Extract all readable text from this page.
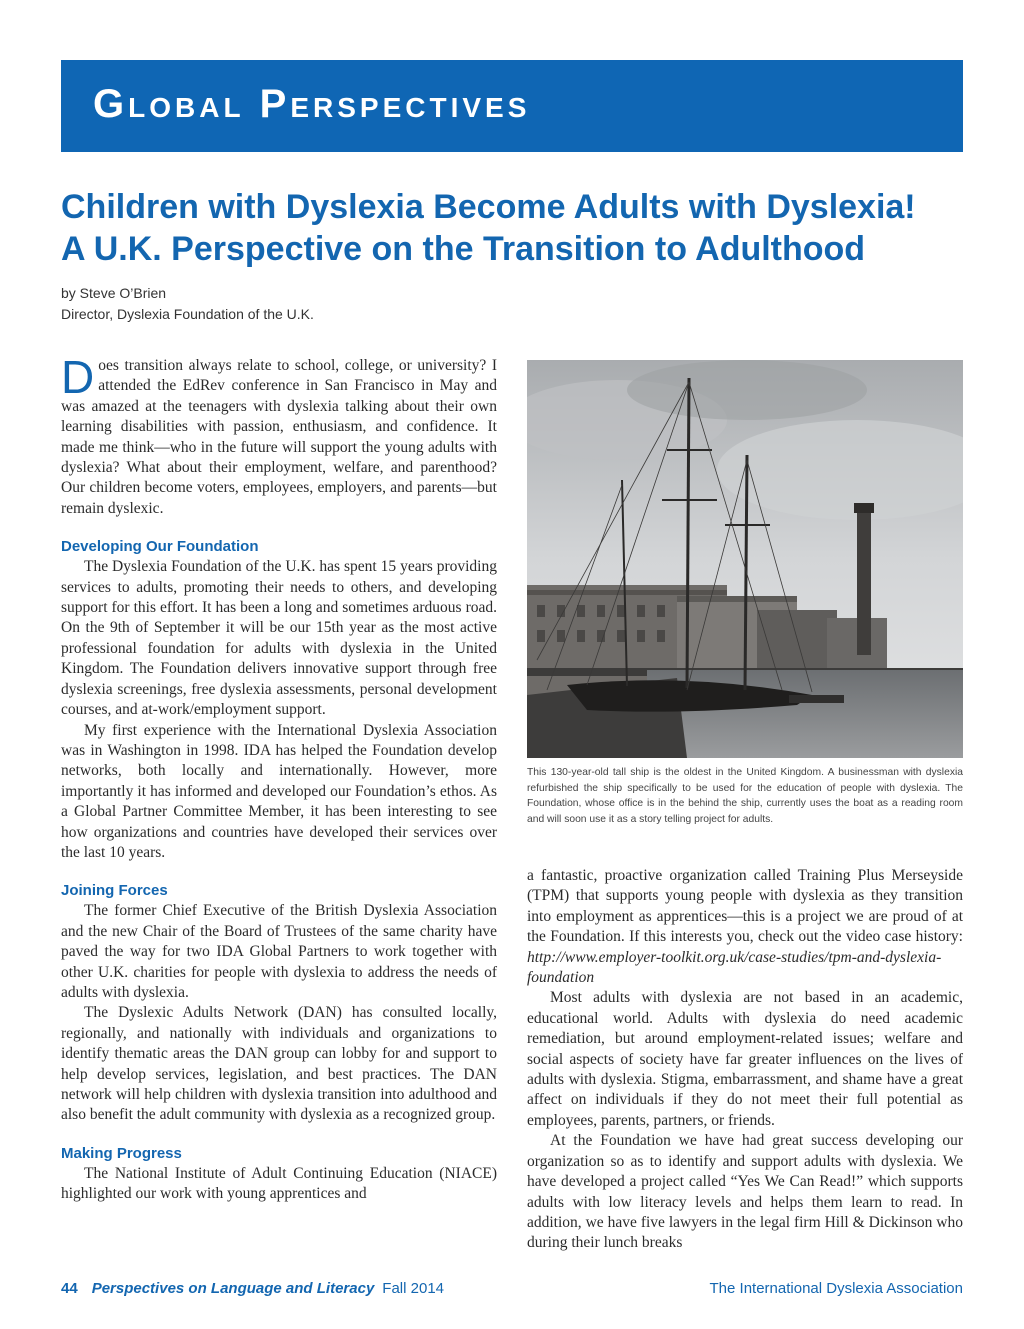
Global Perspectives
Children with Dyslexia Become Adults with Dyslexia!
A U.K. Perspective on the Transition to Adulthood
by Steve O’Brien
Director, Dyslexia Foundation of the U.K.

Does transition always relate to school, college, or university? I attended the EdRev conference in San Francisco in May and was amazed at the teenagers with dyslexia talking about their own learning disabilities with passion, enthusiasm, and confidence. It made me think—who in the future will support the young adults with dyslexia? What about their employment, welfare, and parenthood? Our children become voters, employees, employers, and parents—but remain dyslexic.

Developing Our Foundation

The Dyslexia Foundation of the U.K. has spent 15 years providing services to adults, promoting their needs to others, and developing support for this effort. It has been a long and sometimes arduous road. On the 9th of September it will be our 15th year as the most active professional foundation for adults with dyslexia in the United Kingdom. The Foundation delivers innovative support through free dyslexia screenings, free dyslexia assessments, personal development courses, and at-work/employment support.

My first experience with the International Dyslexia Association was in Washington in 1998. IDA has helped the Foundation develop networks, both locally and internationally. However, more importantly it has informed and developed our Foundation’s ethos. As a Global Partner Committee Member, it has been interesting to see how organizations and countries have developed their services over the last 10 years.

Joining Forces

The former Chief Executive of the British Dyslexia Association and the new Chair of the Board of Trustees of the same charity have paved the way for two IDA Global Partners to work together with other U.K. charities for people with dyslexia to address the needs of adults with dyslexia.

The Dyslexic Adults Network (DAN) has consulted locally, regionally, and nationally with individuals and organizations to identify thematic areas the DAN group can lobby for and support to help develop services, legislation, and best practices. The DAN network will help children with dyslexia transition into adulthood and also benefit the adult community with dyslexia as a recognized group.

Making Progress

The National Institute of Adult Continuing Education (NIACE) highlighted our work with young apprentices and

This 130-year-old tall ship is the oldest in the United Kingdom. A businessman with dyslexia refurbished the ship specifically to be used for the education of people with dyslexia. The Foundation, whose office is in the behind the ship, currently uses the boat as a reading room and will soon use it as a story telling project for adults.

a fantastic, proactive organization called Training Plus Merseyside (TPM) that supports young people with dyslexia as they transition into employment as apprentices—this is a project we are proud of at the Foundation. If this interests you, check out the video case history: http://www.employer-toolkit.org.uk/case-studies/tpm-and-dyslexia-foundation

Most adults with dyslexia are not based in an academic, educational world. Adults with dyslexia do need academic remediation, but around employment-related issues; welfare and social aspects of society have far greater influences on the lives of adults with dyslexia. Stigma, embarrassment, and shame have a great affect on individuals if they do not meet their full potential as employees, parents, partners, or friends.

At the Foundation we have had great success developing our organization so as to identify and support adults with dyslexia. We have developed a project called “Yes We Can Read!” which supports adults with low literacy levels and helps them learn to read. In addition, we have five lawyers in the legal firm Hill & Dickinson who during their lunch breaks

44 Perspectives on Language and Literacy Fall 2014	The International Dyslexia Association
